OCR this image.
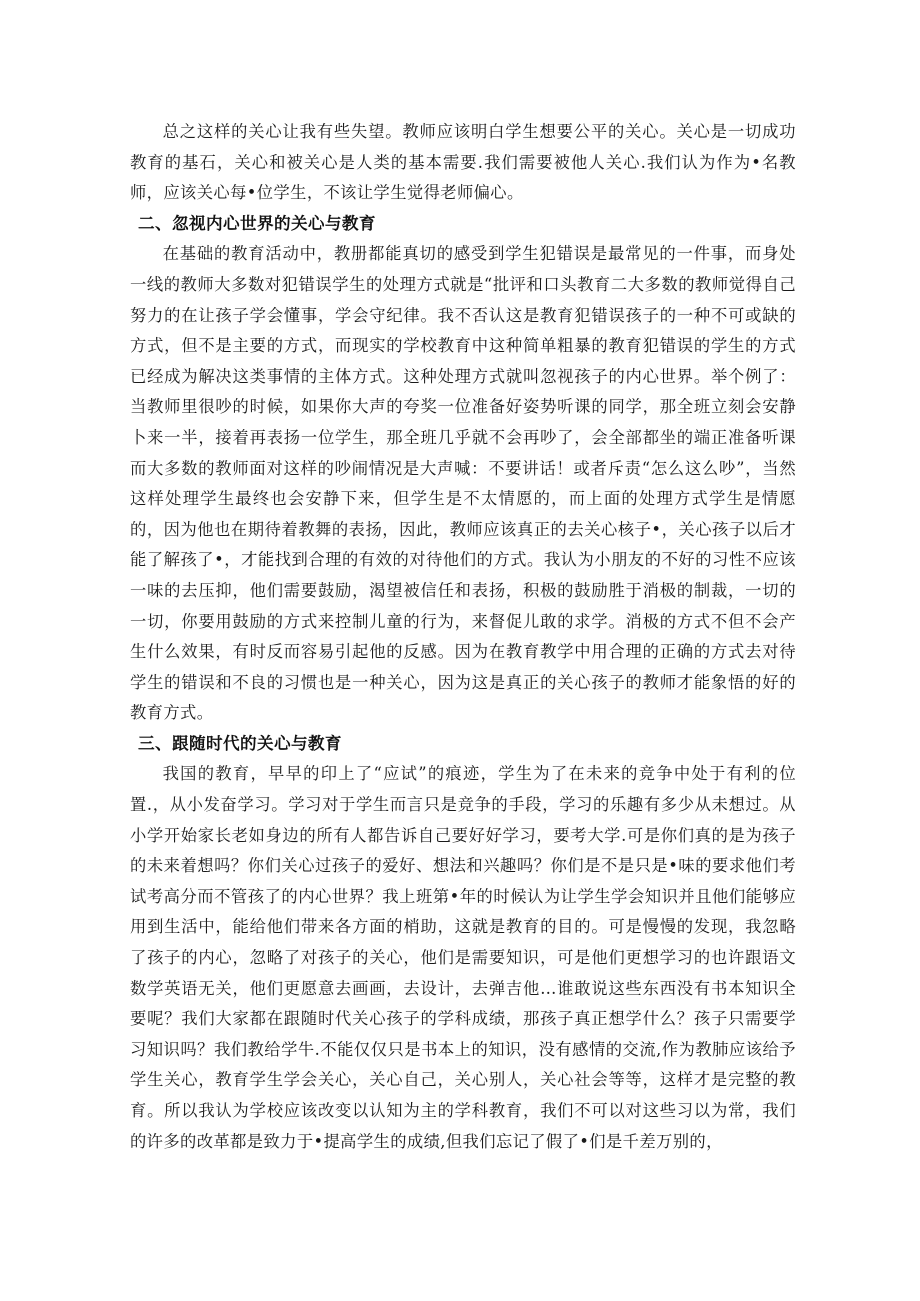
总之这样的关心让我有些失望。教师应该明白学生想要公平的关心。关心是一切成功教育的基石，关心和被关心是人类的基本需要.我们需要被他人关心.我们认为作为•名教师，应该关心每•位学生，不该让学生觉得老师偏心。

二、忽视内心世界的关心与教育

在基础的教育活动中，教册都能真切的感受到学生犯错误是最常见的一件事，而身处一线的教师大多数对犯错误学生的处理方式就是“批评和口头教育二大多数的教师觉得自己努力的在让孩子学会懂事，学会守纪律。我不否认这是教育犯错误孩子的一种不可或缺的方式，但不是主要的方式，而现实的学校教育中这种简单粗暴的教育犯错误的学生的方式已经成为解决这类事情的主体方式。这种处理方式就叫忽视孩子的内心世界。举个例了：当教师里很吵的时候，如果你大声的夸奖一位准备好姿势听课的同学，那全班立刻会安静卜来一半，接着再表扬一位学生，那全班几乎就不会再吵了，会全部都坐的端正准备听课而大多数的教师面对这样的吵闹情况是大声喊：不要讲话！或者斥责“怎么这么吵”，当然这样处理学生最终也会安静下来，但学生是不太情愿的，而上面的处理方式学生是情愿的，因为他也在期待着教舞的表扬，因此，教师应该真正的去关心核子•，关心孩子以后才能了解孩了•，才能找到合理的有效的对待他们的方式。我认为小朋友的不好的习性不应该一味的去压抑，他们需要鼓励，渴望被信任和表扬，积极的鼓励胜于消极的制裁，一切的一切，你要用鼓励的方式来控制儿童的行为，来督促儿敢的求学。消极的方式不但不会产生什么效果，有时反而容易引起他的反感。因为在教育教学中用合理的正确的方式去对待学生的错误和不良的习惯也是一种关心，因为这是真正的关心孩子的教师才能象悟的好的教育方式。

三、跟随时代的关心与教育

我国的教育，早早的印上了“应试”的痕迹，学生为了在未来的竞争中处于有利的位置.，从小发奋学习。学习对于学生而言只是竞争的手段，学习的乐趣有多少从未想过。从小学开始家长老如身边的所有人都告诉自己要好好学习，要考大学.可是你们真的是为孩子的未来着想吗？你们关心过孩子的爱好、想法和兴趣吗？你们是不是只是•味的要求他们考试考高分而不管孩了的内心世界？我上班第•年的时候认为让学生学会知识并且他们能够应用到生活中，能给他们带来各方面的梢助，这就是教育的目的。可是慢慢的发现，我忽略了孩子的内心，忽略了对孩子的关心，他们是需要知识，可是他们更想学习的也许跟语文数学英语无关，他们更愿意去画画，去设计，去弹吉他…谁敢说这些东西没有书本知识全要呢？我们大家都在跟随时代关心孩子的学科成绩，那孩子真正想学什么？孩子只需要学习知识吗？我们教给学牛.不能仅仅只是书本上的知识，没有感情的交流,作为教肺应该给予学生关心，教育学生学会关心，关心自己，关心别人，关心社会等等，这样才是完整的教育。所以我认为学校应该改变以认知为主的学科教育，我们不可以对这些习以为常，我们的许多的改革都是致力于•提高学生的成绩,但我们忘记了假了•们是千差万别的，
